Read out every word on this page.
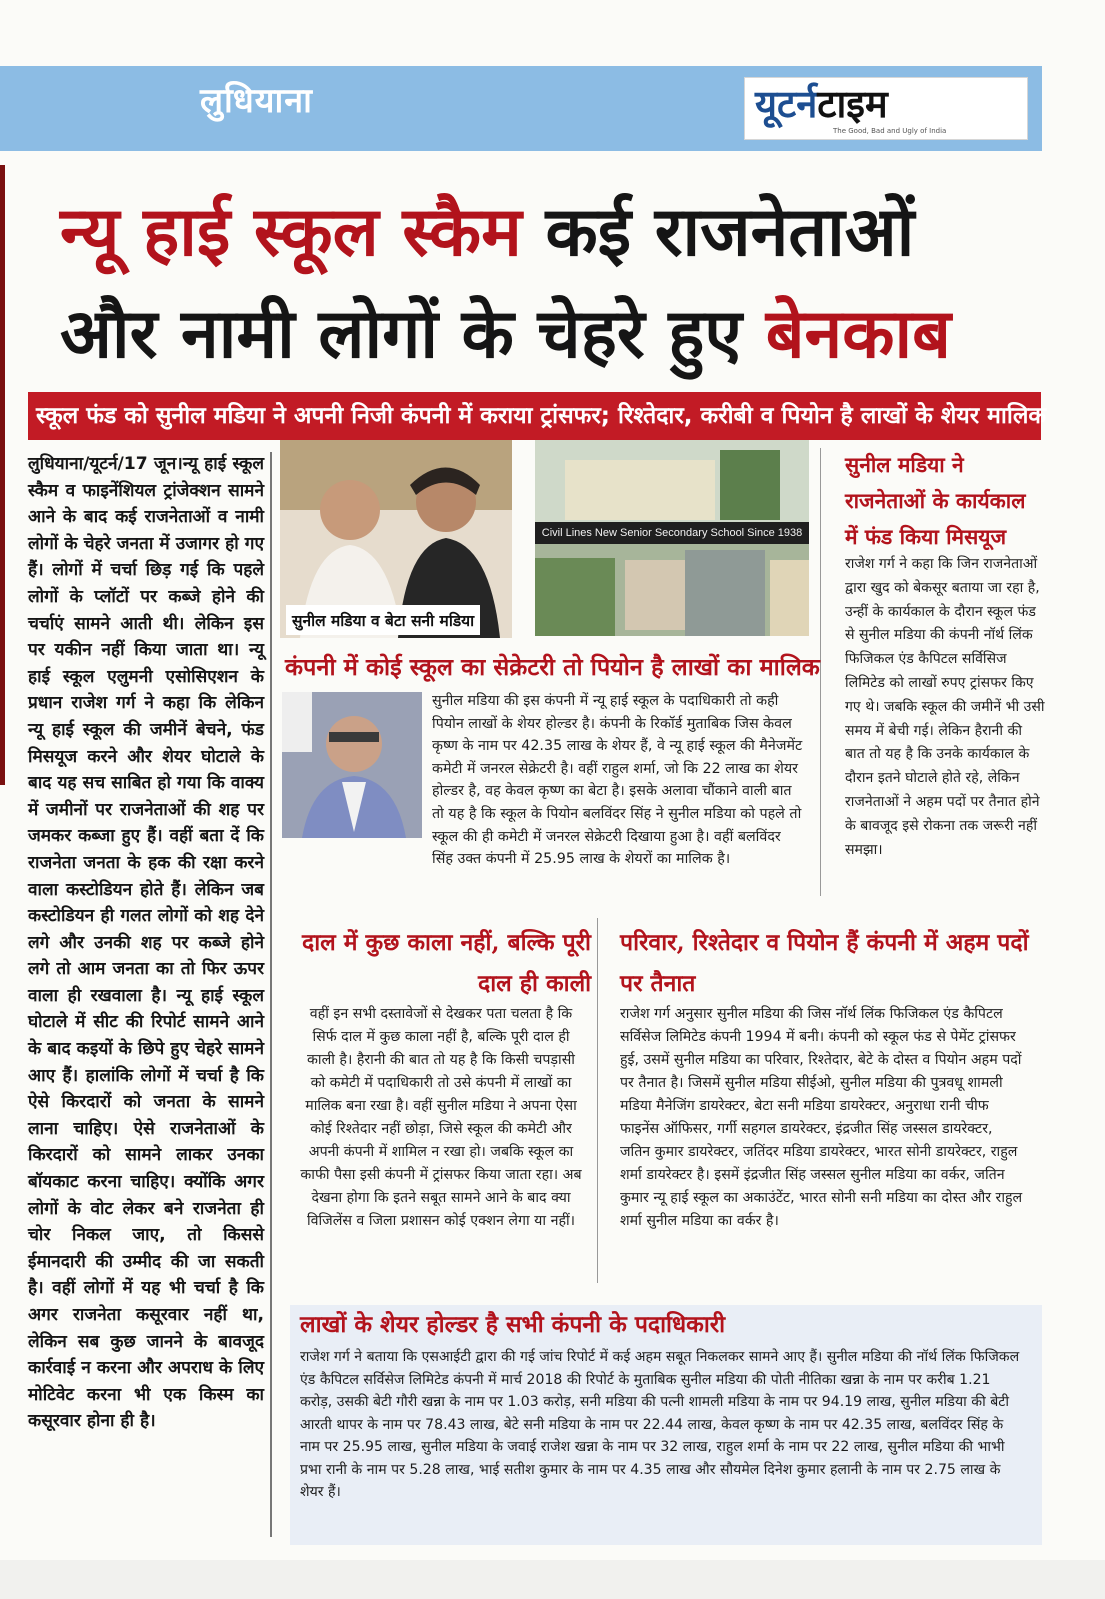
लुधियाना	यूटर्नटाइम
The Good, Bad and Ugly of India
न्यू हाई स्कूल स्कैम कई राजनेताओं
और नामी लोगों के चेहरे हुए बेनकाब
स्कूल फंड को सुनील मडिया ने अपनी निजी कंपनी में कराया ट्रांसफर; रिश्तेदार, करीबी व पियोन है लाखों के शेयर मालिक
लुधियाना/यूटर्न/17 जून।न्यू हाई स्कूल स्कैम व फाइनेंशियल ट्रांजेक्शन सामने आने के बाद कई राजनेताओं व नामी लोगों के चेहरे जनता में उजागर हो गए हैं। लोगों में चर्चा छिड़ गई कि पहले लोगों के प्लॉटों पर कब्जे होने की चर्चाएं सामने आती थी। लेकिन इस पर यकीन नहीं किया जाता था। न्यू हाई स्कूल एलुमनी एसोसिएशन के प्रधान राजेश गर्ग ने कहा कि लेकिन न्यू हाई स्कूल की जमीनें बेचने, फंड मिसयूज करने और शेयर घोटाले के बाद यह सच साबित हो गया कि वाक्य में जमीनों पर राजनेताओं की शह पर जमकर कब्जा हुए हैं। वहीं बता दें कि राजनेता जनता के हक की रक्षा करने वाला कस्टोडियन होते हैं। लेकिन जब कस्टोडियन ही गलत लोगों को शह देने लगे और उनकी शह पर कब्जे होने लगे तो आम जनता का तो फिर ऊपर वाला ही रखवाला है। न्यू हाई स्कूल घोटाले में सीट की रिपोर्ट सामने आने के बाद कइयों के छिपे हुए चेहरे सामने आए हैं। हालांकि लोगों में चर्चा है कि ऐसे किरदारों को जनता के सामने लाना चाहिए। ऐसे राजनेताओं के किरदारों को सामने लाकर उनका बॉयकाट करना चाहिए। क्योंकि अगर लोगों के वोट लेकर बने राजनेता ही चोर निकल जाए, तो किससे ईमानदारी की उम्मीद की जा सकती है। वहीं लोगों में यह भी चर्चा है कि अगर राजनेता कसूरवार नहीं था, लेकिन सब कुछ जानने के बावजूद कार्रवाई न करना और अपराध के लिए मोटिवेट करना भी एक किस्म का कसूरवार होना ही है।
सुनील मडिया व बेटा सनी मडिया
Civil Lines New Senior Secondary School Since 1938
कंपनी में कोई स्कूल का सेक्रेटरी तो पियोन है लाखों का मालिक
सुनील मडिया की इस कंपनी में न्यू हाई स्कूल के पदाधिकारी तो कही पियोन लाखों के शेयर होल्डर है। कंपनी के रिकॉर्ड मुताबिक जिस केवल कृष्ण के नाम पर 42.35 लाख के शेयर हैं, वे न्यू हाई स्कूल की मैनेजमेंट कमेटी में जनरल सेक्रेटरी है। वहीं राहुल शर्मा, जो कि 22 लाख का शेयर होल्डर है, वह केवल कृष्ण का बेटा है। इसके अलावा चौंकाने वाली बात तो यह है कि स्कूल के पियोन बलविंदर सिंह ने सुनील मडिया को पहले तो स्कूल की ही कमेटी में जनरल सेक्रेटरी दिखाया हुआ है। वहीं बलविंदर सिंह उक्त कंपनी में 25.95 लाख के शेयरों का मालिक है।
सुनील मडिया ने राजनेताओं के कार्यकाल में फंड किया मिसयूज
राजेश गर्ग ने कहा कि जिन राजनेताओं द्वारा खुद को बेकसूर बताया जा रहा है, उन्हीं के कार्यकाल के दौरान स्कूल फंड से सुनील मडिया की कंपनी नॉर्थ लिंक फिजिकल एंड कैपिटल सर्विसिज लिमिटेड को लाखों रुपए ट्रांसफर किए गए थे। जबकि स्कूल की जमीनें भी उसी समय में बेची गई। लेकिन हैरानी की बात तो यह है कि उनके कार्यकाल के दौरान इतने घोटाले होते रहे, लेकिन राजनेताओं ने अहम पदों पर तैनात होने के बावजूद इसे रोकना तक जरूरी नहीं समझा।
दाल में कुछ काला नहीं, बल्कि पूरी
दाल ही काली
वहीं इन सभी दस्तावेजों से देखकर पता चलता है कि सिर्फ दाल में कुछ काला नहीं है, बल्कि पूरी दाल ही काली है। हैरानी की बात तो यह है कि किसी चपड़ासी को कमेटी में पदाधिकारी तो उसे कंपनी में लाखों का मालिक बना रखा है। वहीं सुनील मडिया ने अपना ऐसा कोई रिश्तेदार नहीं छोड़ा, जिसे स्कूल की कमेटी और अपनी कंपनी में शामिल न रखा हो। जबकि स्कूल का काफी पैसा इसी कंपनी में ट्रांसफर किया जाता रहा। अब देखना होगा कि इतने सबूत सामने आने के बाद क्या विजिलेंस व जिला प्रशासन कोई एक्शन लेगा या नहीं।
परिवार, रिश्तेदार व पियोन हैं कंपनी में अहम पदों
पर तैनात
राजेश गर्ग अनुसार सुनील मडिया की जिस नॉर्थ लिंक फिजिकल एंड कैपिटल सर्विसेज लिमिटेड कंपनी 1994 में बनी। कंपनी को स्कूल फंड से पेमेंट ट्रांसफर हुई, उसमें सुनील मडिया का परिवार, रिश्तेदार, बेटे के दोस्त व पियोन अहम पदों पर तैनात है। जिसमें सुनील मडिया सीईओ, सुनील मडिया की पुत्रवधू शामली मडिया मैनेजिंग डायरेक्टर, बेटा सनी मडिया डायरेक्टर, अनुराधा रानी चीफ फाइनेंस ऑफिसर, गर्गी सहगल डायरेक्टर, इंद्रजीत सिंह जस्सल डायरेक्टर, जतिन कुमार डायरेक्टर, जतिंदर मडिया डायरेक्टर, भारत सोनी डायरेक्टर, राहुल शर्मा डायरेक्टर है। इसमें इंद्रजीत सिंह जस्सल सुनील मडिया का वर्कर, जतिन कुमार न्यू हाई स्कूल का अकाउंटेंट, भारत सोनी सनी मडिया का दोस्त और राहुल शर्मा सुनील मडिया का वर्कर है।
लाखों के शेयर होल्डर है सभी कंपनी के पदाधिकारी
राजेश गर्ग ने बताया कि एसआईटी द्वारा की गई जांच रिपोर्ट में कई अहम सबूत निकलकर सामने आए हैं। सुनील मडिया की नॉर्थ लिंक फिजिकल एंड कैपिटल सर्विसेज लिमिटेड कंपनी में मार्च 2018 की रिपोर्ट के मुताबिक सुनील मडिया की पोती नीतिका खन्ना के नाम पर करीब 1.21 करोड़, उसकी बेटी गौरी खन्ना के नाम पर 1.03 करोड़, सनी मडिया की पत्नी शामली मडिया के नाम पर 94.19 लाख, सुनील मडिया की बेटी आरती थापर के नाम पर 78.43 लाख, बेटे सनी मडिया के नाम पर 22.44 लाख, केवल कृष्ण के नाम पर 42.35 लाख, बलविंदर सिंह के नाम पर 25.95 लाख, सुनील मडिया के जवाई राजेश खन्ना के नाम पर 32 लाख, राहुल शर्मा के नाम पर 22 लाख, सुनील मडिया की भाभी प्रभा रानी के नाम पर 5.28 लाख, भाई सतीश कुमार के नाम पर 4.35 लाख और सौयमेल दिनेश कुमार हलानी के नाम पर 2.75 लाख के शेयर हैं।
